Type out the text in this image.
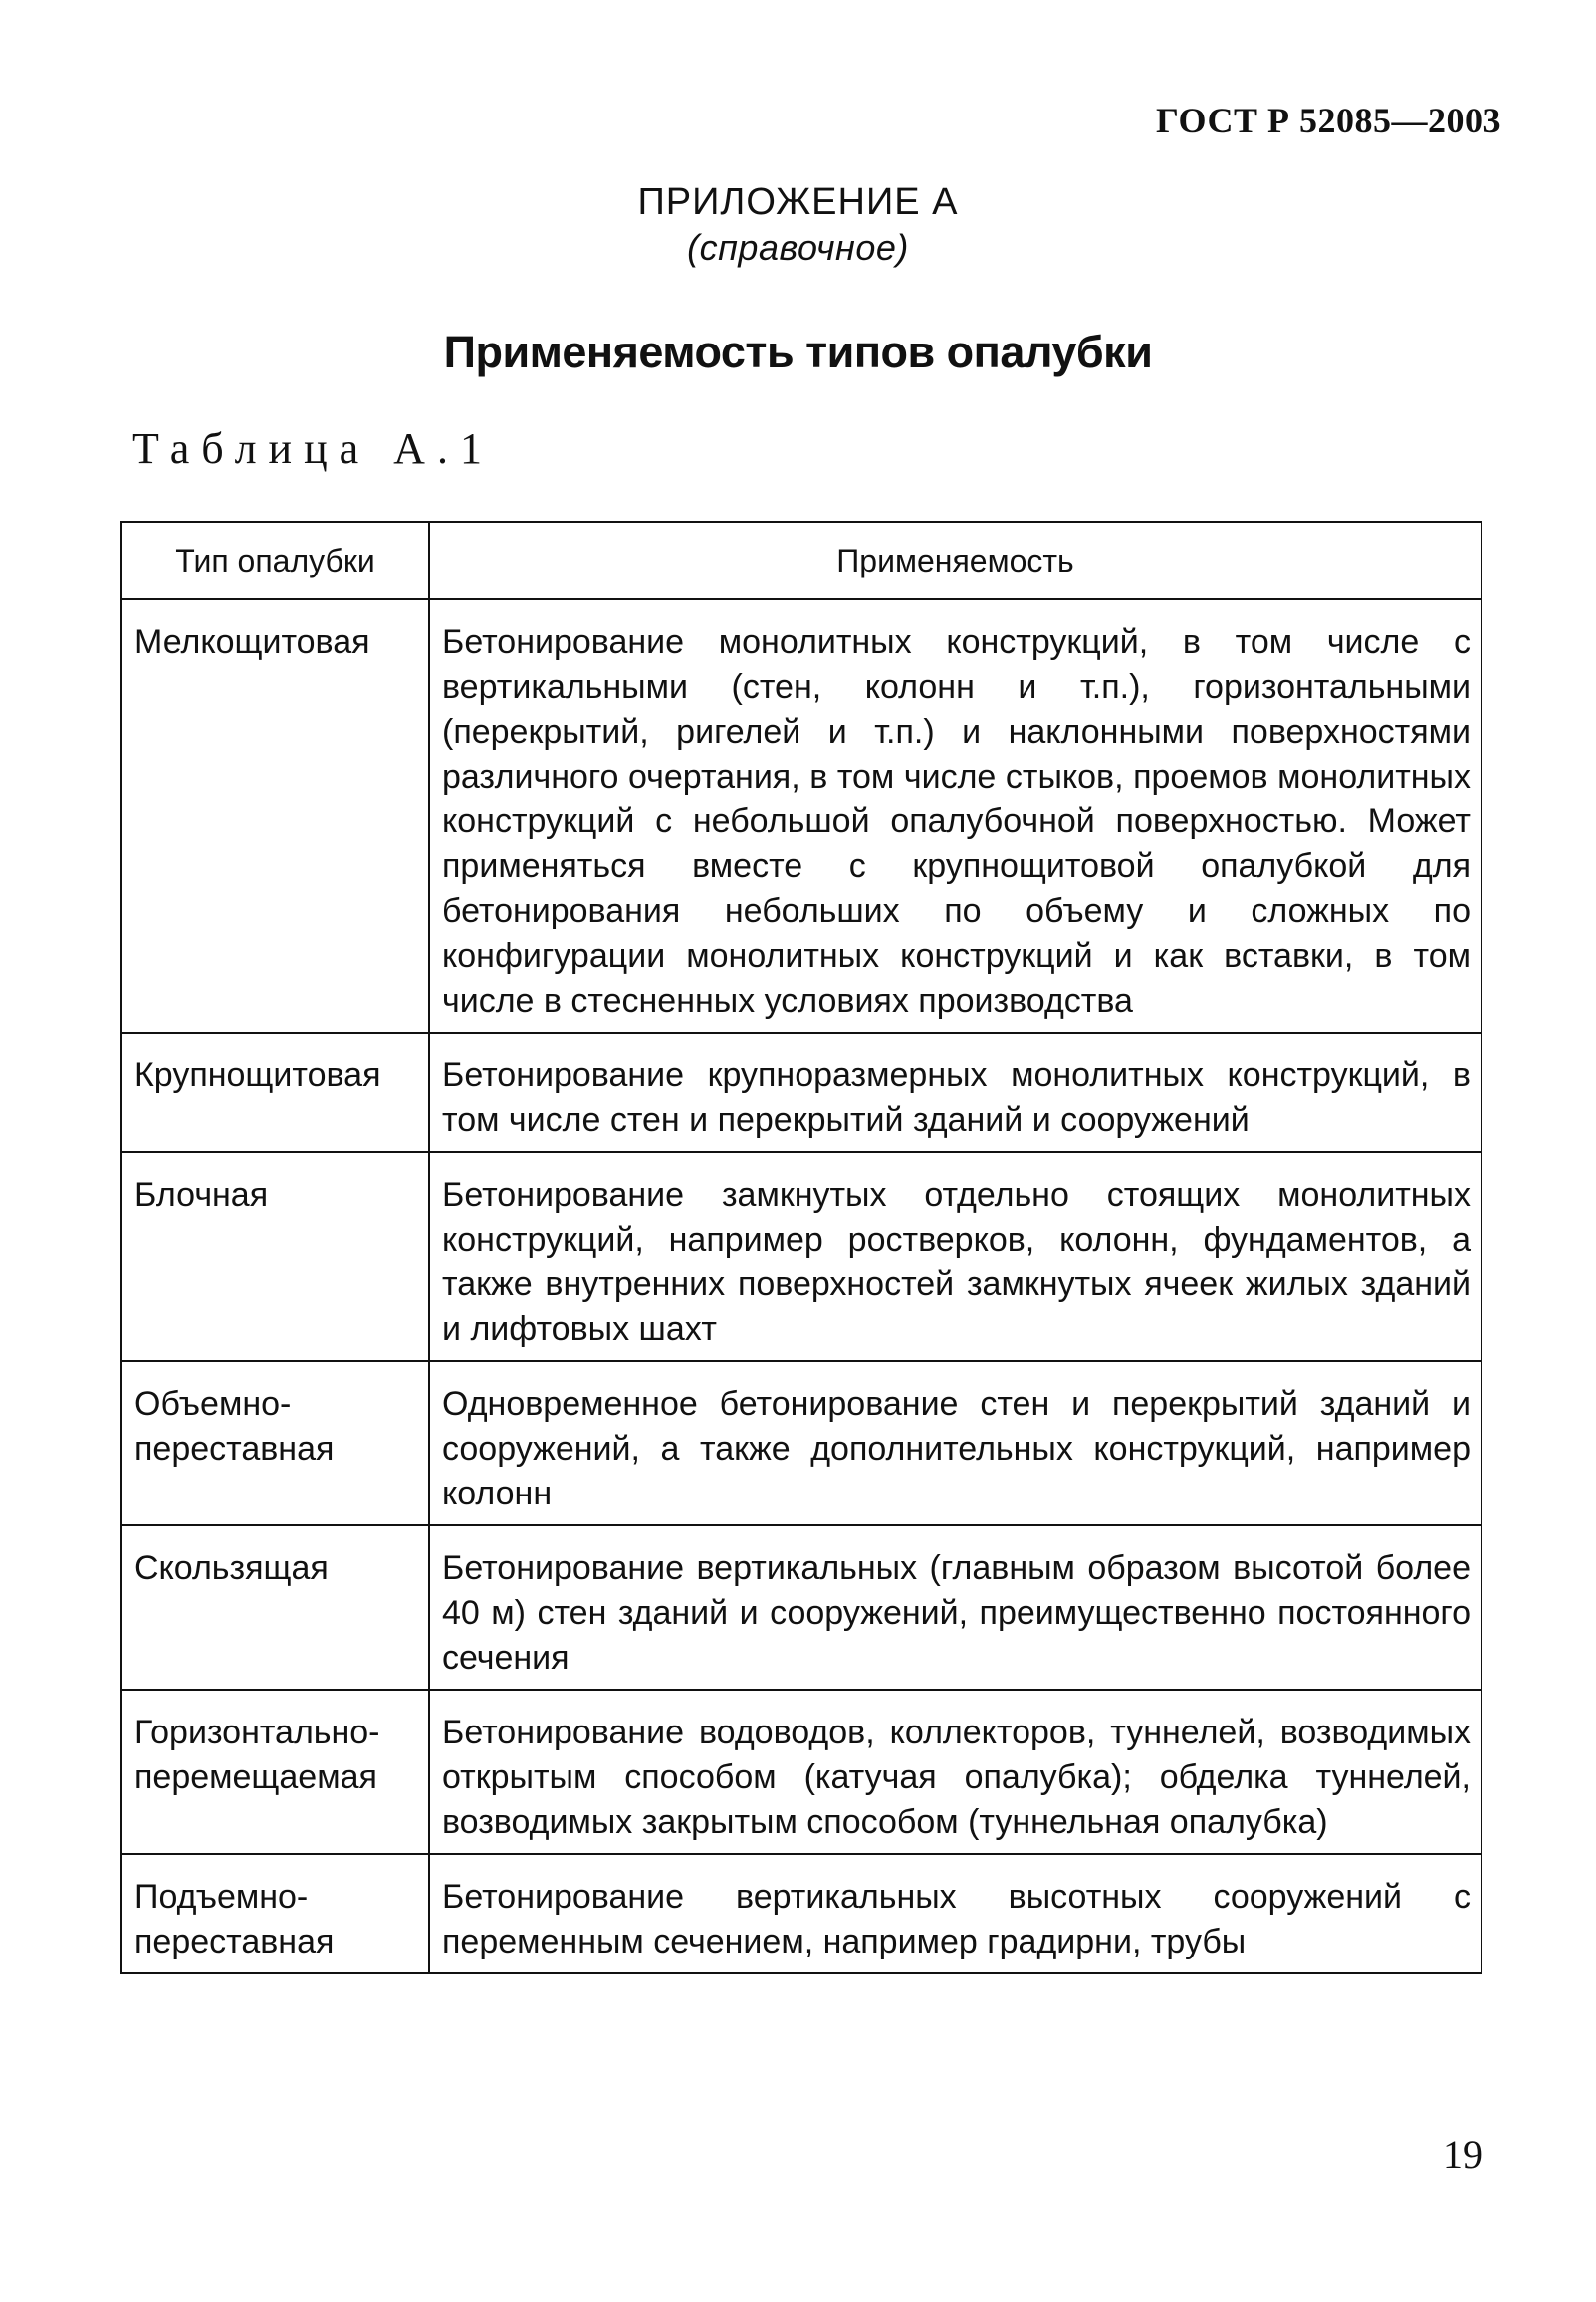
ГОСТ Р 52085—2003
ПРИЛОЖЕНИЕ А
(справочное)
Применяемость типов опалубки
Таблица А.1
Тип опалубки	Применяемость
Мелкощитовая	Бетонирование монолитных конструкций, в том числе с вертикальными (стен, колонн и т.п.), горизонтальными (перекрытий, ригелей и т.п.) и наклонными поверхностями различного очертания, в том числе стыков, проемов монолитных конструкций с небольшой опалубочной поверхностью. Может применяться вместе с крупнощитовой опалубкой для бетонирования небольших по объему и сложных по конфигурации монолитных конструкций и как вставки, в том числе в стесненных условиях производства
Крупнощитовая	Бетонирование крупноразмерных монолитных конструкций, в том числе стен и перекрытий зданий и сооружений
Блочная	Бетонирование замкнутых отдельно стоящих монолитных конструкций, например ростверков, колонн, фундаментов, а также внутренних поверхностей замкнутых ячеек жилых зданий и лифтовых шахт
Объемно-переставная	Одновременное бетонирование стен и перекрытий зданий и сооружений, а также дополнительных конструкций, например колонн
Скользящая	Бетонирование вертикальных (главным образом высотой более 40 м) стен зданий и сооружений, преимущественно постоянного сечения
Горизонтально-перемещаемая	Бетонирование водоводов, коллекторов, туннелей, возводимых открытым способом (катучая опалубка); обделка туннелей, возводимых закрытым способом (туннельная опалубка)
Подъемно-переставная	Бетонирование вертикальных высотных сооружений с переменным сечением, например градирни, трубы
19
